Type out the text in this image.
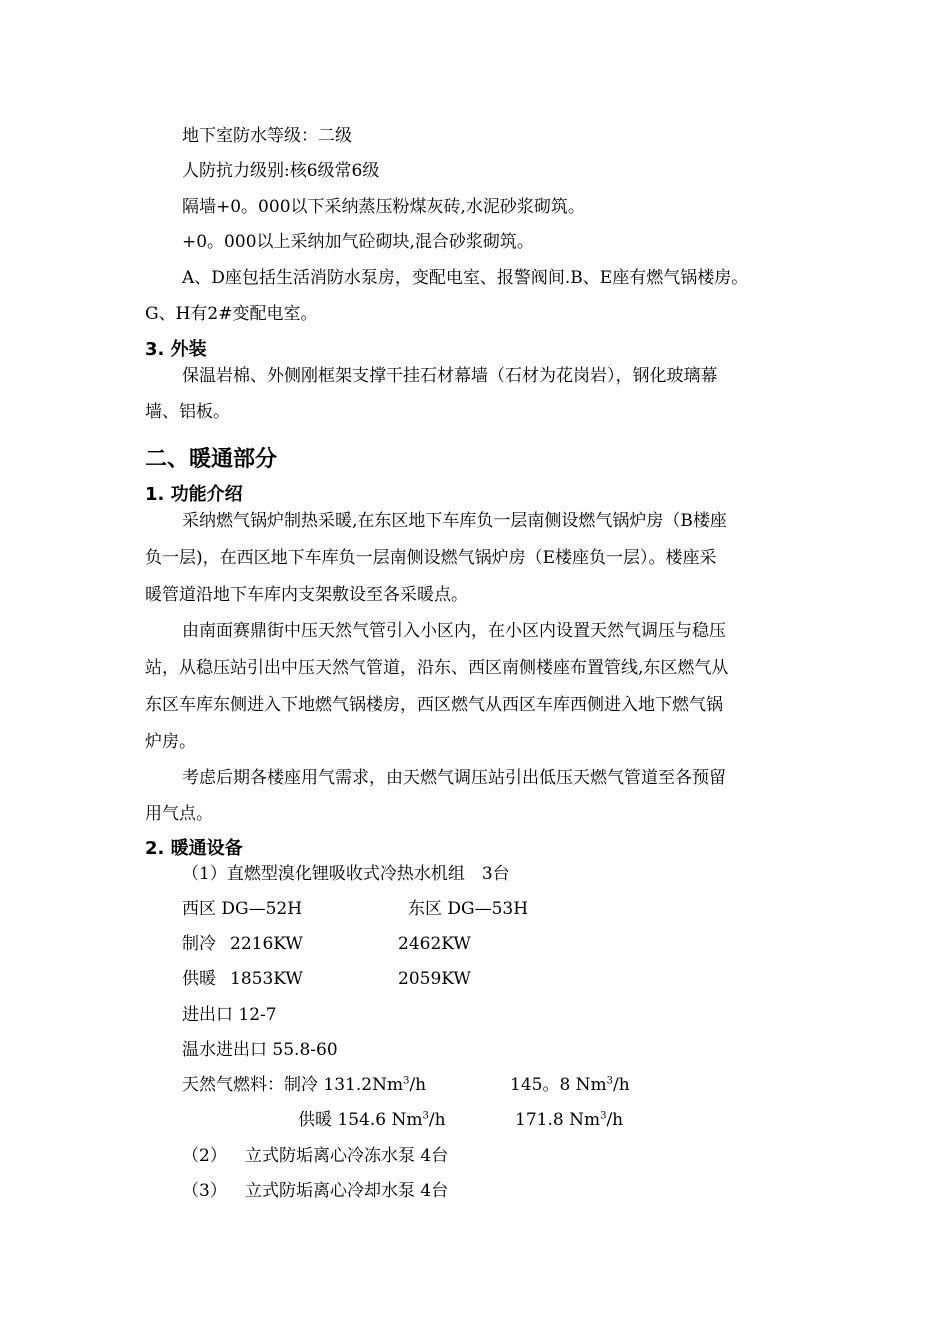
地下室防水等级：二级
人防抗力级别:核6级常6级
隔墙+0。000以下采纳蒸压粉煤灰砖,水泥砂浆砌筑。
+0。000以上采纳加气砼砌块,混合砂浆砌筑。
A、D座包括生活消防水泵房，变配电室、报警阀间.B、E座有燃气锅楼房。
G、H有2#变配电室。
3. 外装
保温岩棉、外侧刚框架支撑干挂石材幕墙（石材为花岗岩），钢化玻璃幕
墙、铝板。
二、暖通部分
1. 功能介绍
采纳燃气锅炉制热采暖,在东区地下车库负一层南侧设燃气锅炉房（B楼座
负一层)，在西区地下车库负一层南侧设燃气锅炉房（E楼座负一层）。楼座采
暖管道沿地下车库内支架敷设至各采暖点。
由南面赛鼎街中压天然气管引入小区内，在小区内设置天然气调压与稳压
站，从稳压站引出中压天然气管道，沿东、西区南侧楼座布置管线,东区燃气从
东区车库东侧进入下地燃气锅楼房，西区燃气从西区车库西侧进入地下燃气锅
炉房。
考虑后期各楼座用气需求，由天燃气调压站引出低压天燃气管道至各预留
用气点。
2. 暖通设备
（1）直燃型溴化锂吸收式冷热水机组　3台
西区 DG—52H	东区 DG—53H
制冷 2216KW	2462KW
供暖 1853KW	2059KW
进出口 12-7
温水进出口 55.8-60
天然气燃料：制冷 131.2Nm$^3$/h	145。8 Nm$^3$/h
供暖 154.6 Nm$^3$/h	171.8 Nm$^3$/h
（2） 立式防垢离心冷冻水泵 4台
（3） 立式防垢离心冷却水泵 4台
